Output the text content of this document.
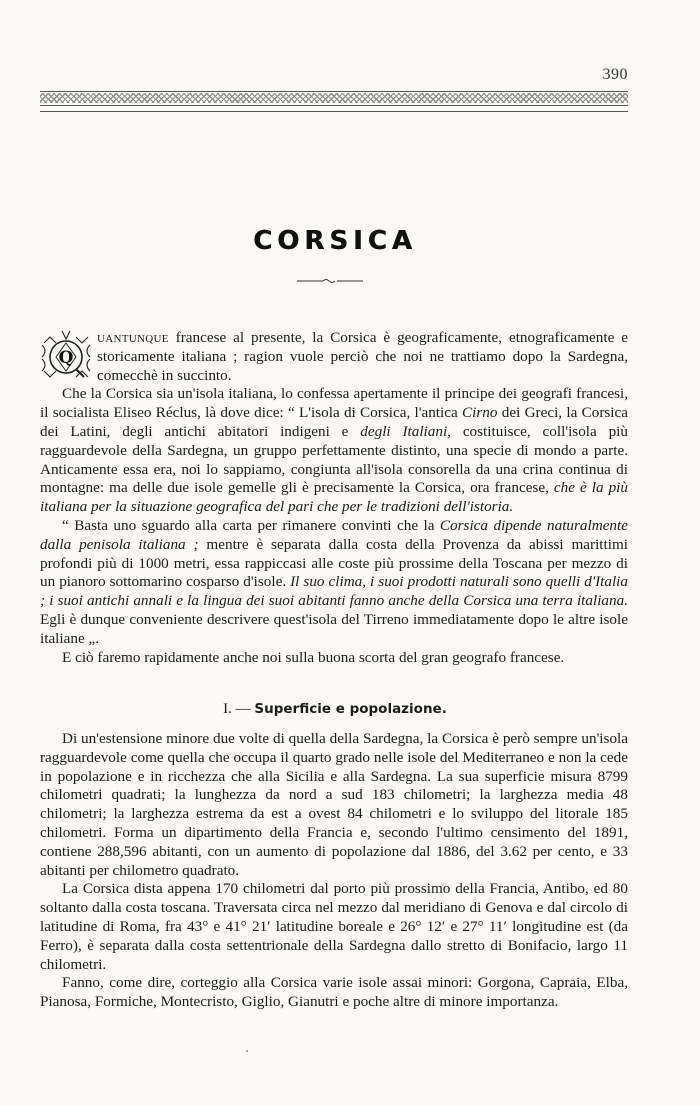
390
CORSICA

Q
uantunque francese al presente, la Corsica è geograficamente, etnograficamente e storicamente italiana ; ragion vuole perciò che noi ne trattiamo dopo la Sardegna, comecchè in succinto.

Che la Corsica sia un'isola italiana, lo confessa apertamente il principe dei geografi francesi, il socialista Eliseo Réclus, là dove dice: “ L'isola di Corsica, l'antica Cirno dei Greci, la Corsica dei Latini, degli antichi abitatori indigeni e degli Italiani, costituisce, coll'isola più ragguardevole della Sardegna, un gruppo perfettamente distinto, una specie di mondo a parte. Anticamente essa era, noi lo sappiamo, congiunta all'isola consorella da una crina continua di montagne: ma delle due isole gemelle gli è precisamente la Corsica, ora francese, che è la più italiana per la situazione geografica del pari che per le tradizioni dell'istoria.

“ Basta uno sguardo alla carta per rimanere convinti che la Corsica dipende naturalmente dalla penisola italiana ; mentre è separata dalla costa della Provenza da abissi marittimi profondi più di 1000 metri, essa rappiccasi alle coste più prossime della Toscana per mezzo di un pianoro sottomarino cosparso d'isole. Il suo clima, i suoi prodotti naturali sono quelli d'Italia ; i suoi antichi annali e la lingua dei suoi abitanti fanno anche della Corsica una terra italiana. Egli è dunque conveniente descrivere quest'isola del Tirreno immediatamente dopo le altre isole italiane „.

E ciò faremo rapidamente anche noi sulla buona scorta del gran geografo francese.

I. — Superficie e popolazione.

Di un'estensione minore due volte di quella della Sardegna, la Corsica è però sempre un'isola ragguardevole come quella che occupa il quarto grado nelle isole del Mediterraneo e non la cede in popolazione e in ricchezza che alla Sicilia e alla Sardegna. La sua superficie misura 8799 chilometri quadrati; la lunghezza da nord a sud 183 chilometri; la larghezza media 48 chilometri; la larghezza estrema da est a ovest 84 chilometri e lo sviluppo del litorale 185 chilometri. Forma un dipartimento della Francia e, secondo l'ultimo censimento del 1891, contiene 288,596 abitanti, con un aumento di popolazione dal 1886, del 3.62 per cento, e 33 abitanti per chilometro quadrato.

La Corsica dista appena 170 chilometri dal porto più prossimo della Francia, Antibo, ed 80 soltanto dalla costa toscana. Traversata circa nel mezzo dal meridiano di Genova e dal circolo di latitudine di Roma, fra 43° e 41° 21′ latitudine boreale e 26° 12′ e 27° 11′ longitudine est (da Ferro), è separata dalla costa settentrionale della Sardegna dallo stretto di Bonifacio, largo 11 chilometri.

Fanno, come dire, corteggio alla Corsica varie isole assai minori: Gorgona, Capraia, Elba, Pianosa, Formiche, Montecristo, Giglio, Gianutri e poche altre di minore importanza.
